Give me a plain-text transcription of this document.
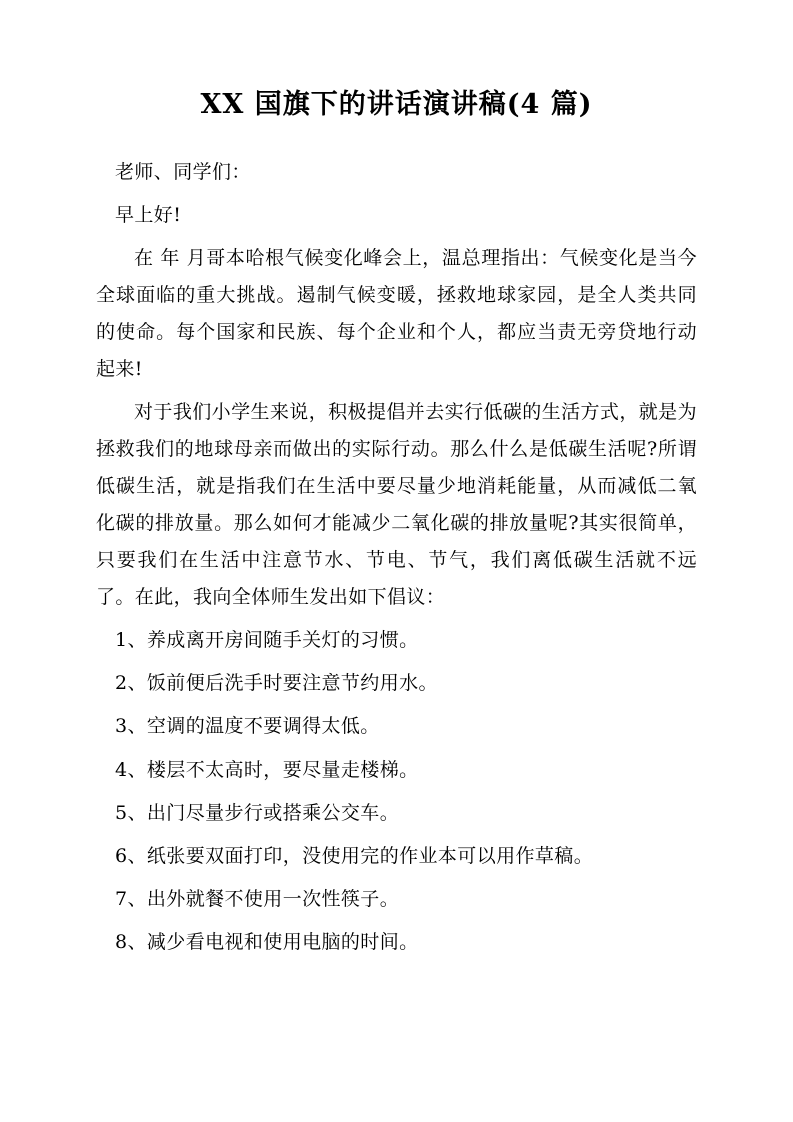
XX 国旗下的讲话演讲稿(4 篇)

老师、同学们：

早上好!

在 年 月哥本哈根气候变化峰会上，温总理指出：气候变化是当今全球面临的重大挑战。遏制气候变暖，拯救地球家园，是全人类共同的使命。每个国家和民族、每个企业和个人，都应当责无旁贷地行动起来!

对于我们小学生来说，积极提倡并去实行低碳的生活方式，就是为拯救我们的地球母亲而做出的实际行动。那么什么是低碳生活呢?所谓低碳生活，就是指我们在生活中要尽量少地消耗能量，从而减低二氧化碳的排放量。那么如何才能减少二氧化碳的排放量呢?其实很简单，只要我们在生活中注意节水、节电、节气，我们离低碳生活就不远了。在此，我向全体师生发出如下倡议：

1、养成离开房间随手关灯的习惯。

2、饭前便后洗手时要注意节约用水。

3、空调的温度不要调得太低。

4、楼层不太高时，要尽量走楼梯。

5、出门尽量步行或搭乘公交车。

6、纸张要双面打印，没使用完的作业本可以用作草稿。

7、出外就餐不使用一次性筷子。

8、减少看电视和使用电脑的时间。
